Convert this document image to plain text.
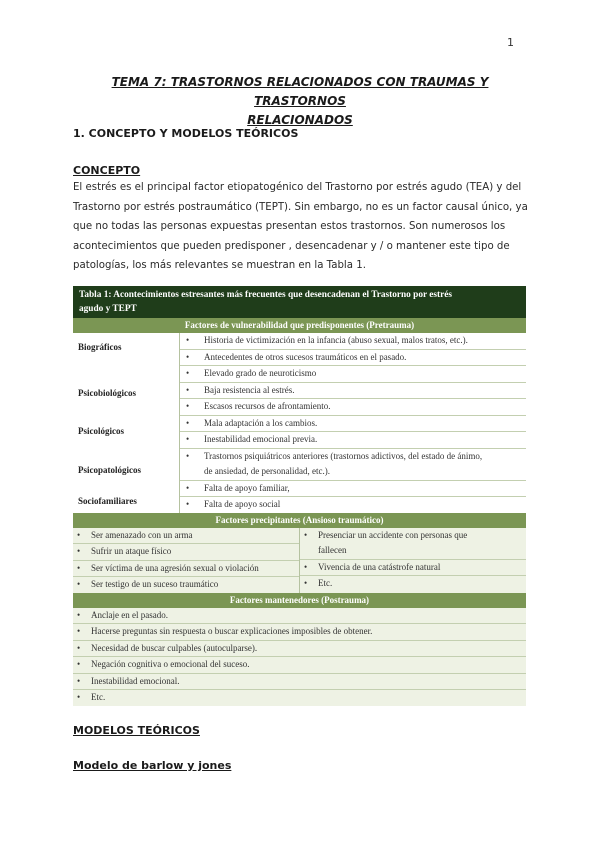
1
TEMA 7: TRASTORNOS RELACIONADOS CON TRAUMAS Y TRASTORNOS
RELACIONADOS
1. CONCEPTO Y MODELOS TEÓRICOS
CONCEPTO
El estrés es el principal factor etiopatogénico del Trastorno por estrés agudo (TEA) y del
Trastorno por estrés postraumático (TEPT). Sin embargo, no es un factor causal único, ya
que no todas las personas expuestas presentan estos trastornos. Son numerosos los
acontecimientos que pueden predisponer , desencadenar y / o mantener este tipo de
patologías, los más relevantes se muestran en la Tabla 1.
Tabla 1: Acontecimientos estresantes más frecuentes que desencadenan el Trastorno por estrés
agudo y TEPT
Factores de vulnerabilidad que predisponentes (Pretrauma)
Biográficos
Psicobiológicos
Psicológicos
Psicopatológicos
Sociofamiliares
• Historia de victimización en la infancia (abuso sexual, malos tratos, etc.).
• Antecedentes de otros sucesos traumáticos en el pasado.
• Elevado grado de neuroticismo
• Baja resistencia al estrés.
• Escasos recursos de afrontamiento.
• Mala adaptación a los cambios.
• Inestabilidad emocional previa.
• Trastornos psiquiátricos anteriores (trastornos adictivos, del estado de ánimo,
de ansiedad, de personalidad, etc.).
• Falta de apoyo familiar,
• Falta de apoyo social
Factores precipitantes (Ansioso traumático)
• Ser amenazado con un arma
• Sufrir un ataque físico
• Ser víctima de una agresión sexual o violación
• Ser testigo de un suceso traumático
• Presenciar un accidente con personas que
fallecen
• Vivencia de una catástrofe natural
• Etc.
Factores mantenedores (Postrauma)
• Anclaje en el pasado.
• Hacerse preguntas sin respuesta o buscar explicaciones imposibles de obtener.
• Necesidad de buscar culpables (autoculparse).
• Negación cognitiva o emocional del suceso.
• Inestabilidad emocional.
• Etc.
MODELOS TEÓRICOS
Modelo de barlow y jones
